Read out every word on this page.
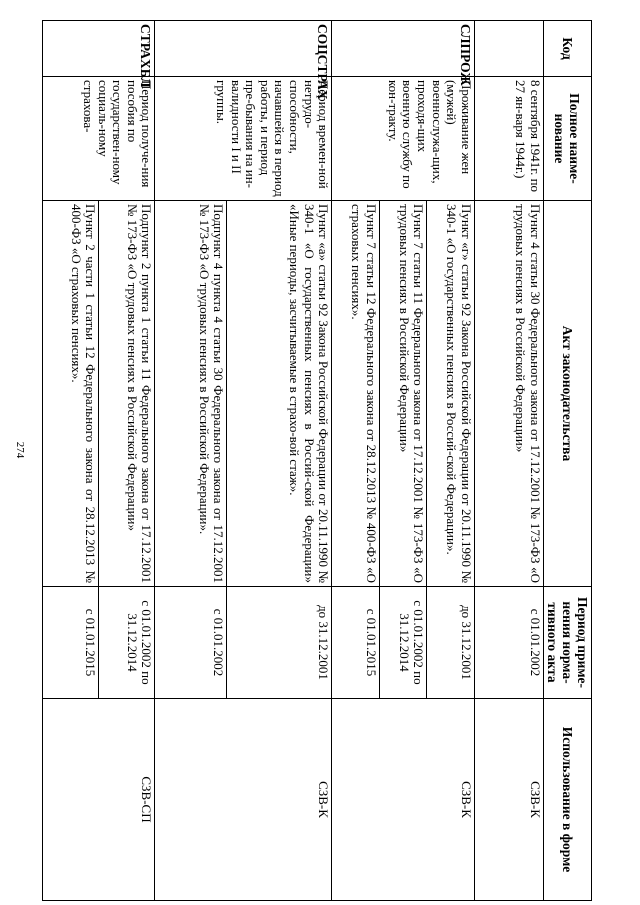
274
Код	Полное наиме-нование	Акт законодательства	Период приме-нения норма-тивного акта	Использование в форме
	8 сентября 1941г. по 27 ян-варя 1944г.)	Пункт 4 статьи 30 Федерального закона от 17.12.2001 № 173-ФЗ «О трудовых пенсиях в Российской Федерации»	с 01.01.2002	СЗВ-К
СЛПРОЖ	Проживание жен (мужей) военнослужа-щих, проходя-щих военную службу по кон-тракту.	Пункт «г» статьи 92 Закона Российской Федерации от 20.11.1990 № 340-1 «О государственных пенсиях в Россий-ской Федерации».	до 31.12.2001	СЗВ-К
		Пункт 7 статьи 11 Федерального закона от 17.12.2001 № 173-ФЗ «О трудовых пенсиях в Российской Федерации»	с 01.01.2002 по 31.12.2014	
		Пункт 7 статьи 12 Федерального закона от 28.12.2013 № 400-ФЗ «О страховых пенсиях».	с 01.01.2015	
СОЦСТРАХ	Период времен-ной нетрудо-способности, начавшейся в период работы, и период пре-бывания на ин-валидности I и II группы.	Пункт «а» статьи 92 Закона Российской Федерации от 20.11.1990 № 340-1 «О государственных пенсиях в Россий-ской Федерации» «Иные периоды, засчитываемые в страхо-вой стаж».	до 31.12.2001	СЗВ-К
		Подпункт 4 пункта 4 статьи 30 Федерального закона от 17.12.2001 № 173-ФЗ «О трудовых пенсиях в Российской Федерации».	с 01.01.2002	
СТРАХБЛ	Период получе-ния пособия по государствен-ному социаль-ному страхова-	Подпункт 2 пункта 1 статьи 11 Федерального закона от 17.12.2001 № 173-ФЗ «О трудовых пенсиях в Российской Федерации»	с 01.01.2002 по 31.12.2014	СЗВ-СП
		Пункт 2 части 1 статьи 12 Федерального закона от 28.12.2013 № 400-ФЗ «О страховых пенсиях».	с 01.01.2015	
